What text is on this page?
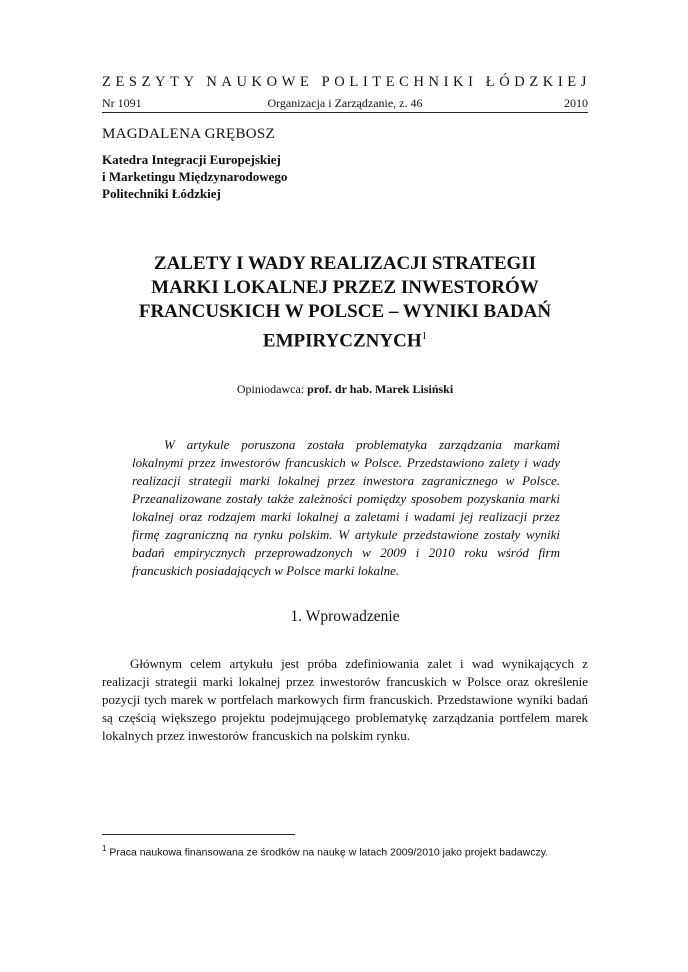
ZESZYTY NAUKOWE POLITECHNIKI ŁÓDZKIEJ
Nr 1091	Organizacja i Zarządzanie, z. 46	2010
MAGDALENA GRĘBOSZ
Katedra Integracji Europejskiej
i Marketingu Międzynarodowego
Politechniki Łódzkiej
ZALETY I WADY REALIZACJI STRATEGII
MARKI LOKALNEJ PRZEZ INWESTORÓW
FRANCUSKICH W POLSCE – WYNIKI BADAŃ
EMPIRYCZNYCH$^1$
Opiniodawca: prof. dr hab. Marek Lisiński

W artykule poruszona została problematyka zarządzania markami lokalnymi przez inwestorów francuskich w Polsce. Przedstawiono zalety i wady realizacji strategii marki lokalnej przez inwestora zagranicznego w Polsce. Przeanalizowane zostały także zależności pomiędzy sposobem pozyskania marki lokalnej oraz rodzajem marki lokalnej a zaletami i wadami jej realizacji przez firmę zagraniczną na rynku polskim. W artykule przedstawione zostały wyniki badań empirycznych przeprowadzonych w 2009 i 2010 roku wśród firm francuskich posiadających w Polsce marki lokalne.

1. Wprowadzenie

Głównym celem artykułu jest próba zdefiniowania zalet i wad wynikających z realizacji strategii marki lokalnej przez inwestorów francuskich w Polsce oraz określenie pozycji tych marek w portfelach markowych firm francuskich. Przedstawione wyniki badań są częścią większego projektu podejmującego problematykę zarządzania portfelem marek lokalnych przez inwestorów francuskich na polskim rynku.

$^1$ Praca naukowa finansowana ze środków na naukę w latach 2009/2010 jako projekt badawczy.
